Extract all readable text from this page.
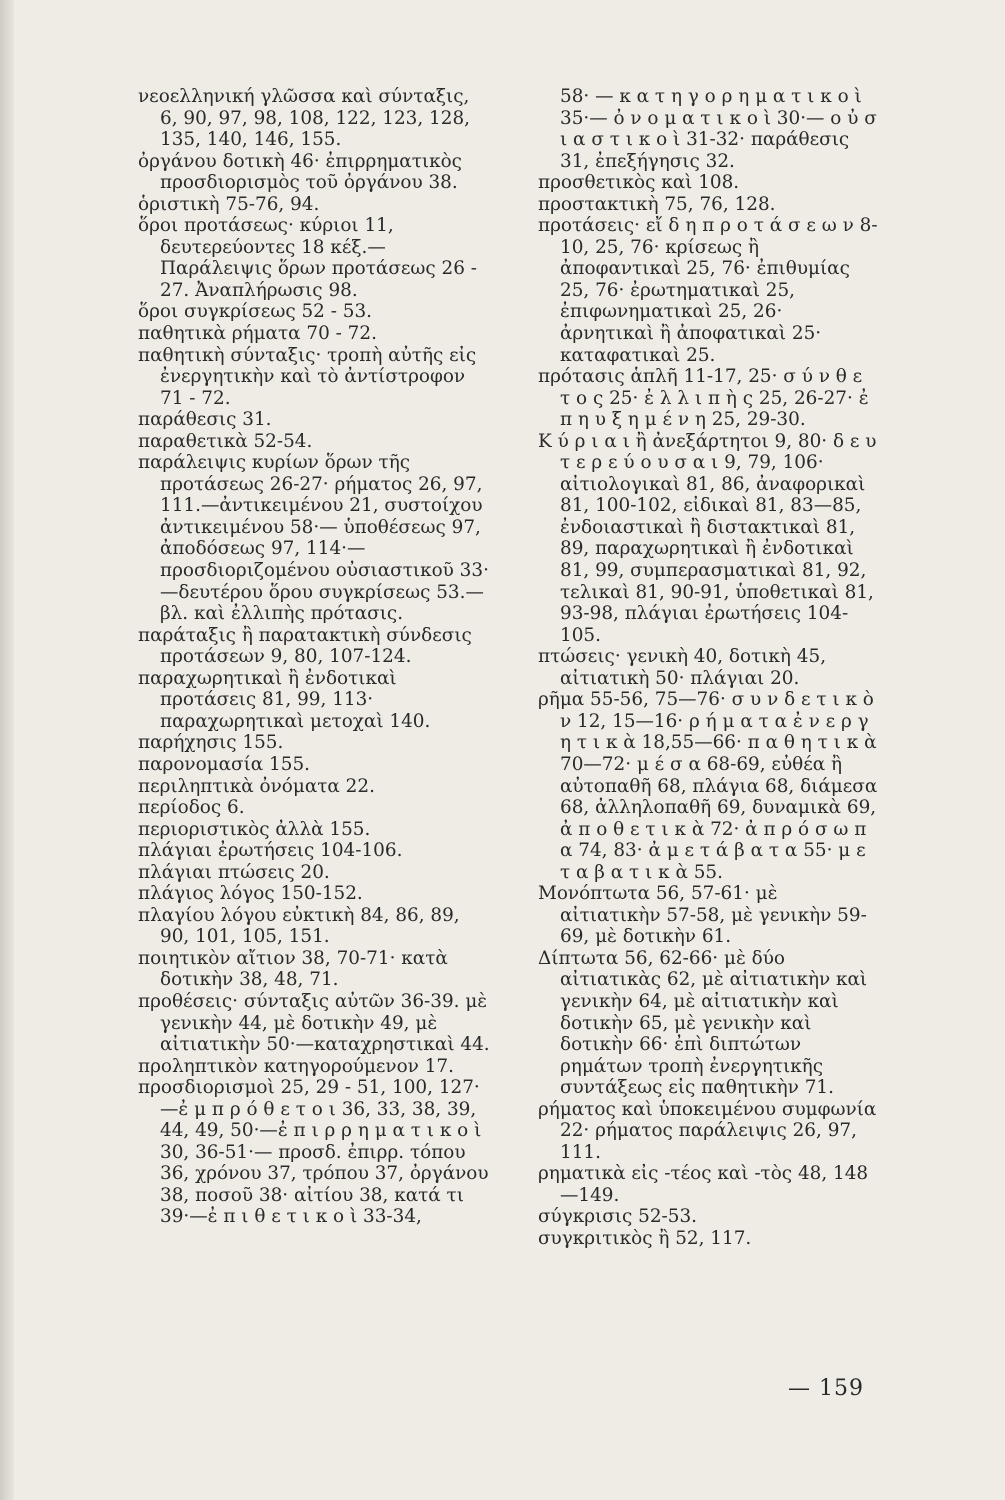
νεοελληνική γλῶσσα καὶ σύνταξις, 6, 90, 97, 98, 108, 122, 123, 128, 135, 140, 146, 155.

ὀργάνου δοτικὴ 46· ἐπιρρηματικὸς προσδιορισμὸς τοῦ ὀργάνου 38.

ὁριστικὴ 75-76, 94.

ὅροι προτάσεως· κύριοι 11, δευτερεύοντες 18 κέξ.— Παράλειψις ὅρων προτάσεως 26 - 27. Ἀναπλήρωσις 98.

ὅροι συγκρίσεως 52 - 53.

παθητικὰ ρήματα 70 - 72.

παθητικὴ σύνταξις· τροπὴ αὐτῆς εἰς ἐνεργητικὴν καὶ τὸ ἀντίστροφον 71 - 72.

παράθεσις 31.

παραθετικὰ 52-54.

παράλειψις κυρίων ὅρων τῆς προτάσεως 26-27· ρήματος 26, 97, 111.—ἀντικειμένου 21, συστοίχου ἀντικειμένου 58·— ὑποθέσεως 97, ἀποδόσεως 97, 114·— προσδιοριζομένου οὐσιαστικοῦ 33·—δευτέρου ὅρου συγκρίσεως 53.—βλ. καὶ ἐλλιπὴς πρότασις.

παράταξις ἢ παρατακτικὴ σύνδεσις προτάσεων 9, 80, 107-124.

παραχωρητικαὶ ἢ ἐνδοτικαὶ προτάσεις 81, 99, 113· παραχωρητικαὶ μετοχαὶ 140.

παρήχησις 155.

παρονομασία 155.

περιληπτικὰ ὀνόματα 22.

περίοδος 6.

περιοριστικὸς ἀλλὰ 155.

πλάγιαι ἐρωτήσεις 104-106.

πλάγιαι πτώσεις 20.

πλάγιος λόγος 150-152.

πλαγίου λόγου εὐκτικὴ 84, 86, 89, 90, 101, 105, 151.

ποιητικὸν αἴτιον 38, 70-71· κατὰ δοτικὴν 38, 48, 71.

προθέσεις· σύνταξις αὐτῶν 36-39. μὲ γενικὴν 44, μὲ δοτικὴν 49, μὲ αἰτιατικὴν 50·—καταχρηστικαὶ 44.

προληπτικὸν κατηγορούμενον 17.

προσδιορισμοὶ 25, 29 - 51, 100, 127·—ἐ μ π ρ ό θ ε τ ο ι 36, 33, 38, 39, 44, 49, 50·—ἐ π ι ρ ρ η μ α τ ι κ ο ὶ 30, 36-51·— προσδ. ἐπιρρ. τόπου 36, χρόνου 37, τρόπου 37, ὀργάνου 38, ποσοῦ 38· αἰτίου 38, κατά τι 39·—ἐ π ι θ ε τ ι κ ο ὶ 33-34,

58· — κ α τ η γ ο ρ η μ α τ ι κ ο ὶ 35·— ὀ ν ο μ α τ ι κ ο ὶ 30·— ο ὐ σ ι α σ τ ι κ ο ὶ 31-32· παράθεσις 31, ἐπεξήγησις 32.

προσθετικὸς καὶ 108.

προστακτικὴ 75, 76, 128.

προτάσεις· εἴ δ η π ρ ο τ ά σ ε ω ν 8-10, 25, 76· κρίσεως ἢ ἀποφαντικαὶ 25, 76· ἐπιθυμίας 25, 76· ἐρωτηματικαὶ 25, ἐπιφωνηματικαὶ 25, 26· ἀρνητικαὶ ἢ ἀποφατικαὶ 25· καταφατικαὶ 25.

πρότασις ἁπλῆ 11-17, 25· σ ύ ν θ ε τ ο ς 25· ἐ λ λ ι π ὴ ς 25, 26-27· ἐ π η υ ξ η μ έ ν η 25, 29-30.

Κ ύ ρ ι α ι ἢ ἀνεξάρτητοι 9, 80· δ ε υ τ ε ρ ε ύ ο υ σ α ι 9, 79, 106· αἰτιολογικαὶ 81, 86, ἀναφορικαὶ 81, 100-102, εἰδικαὶ 81, 83—85, ἐνδοιαστικαὶ ἢ διστακτικαὶ 81, 89, παραχωρητικαὶ ἢ ἐνδοτικαὶ 81, 99, συμπερασματικαὶ 81, 92, τελικαὶ 81, 90-91, ὑποθετικαὶ 81, 93-98, πλάγιαι ἐρωτήσεις 104-105.

πτώσεις· γενικὴ 40, δοτικὴ 45, αἰτιατικὴ 50· πλάγιαι 20.

ρῆμα 55-56, 75—76· σ υ ν δ ε τ ι κ ὸ ν 12, 15—16· ρ ή μ α τ α ἐ ν ε ρ γ η τ ι κ ὰ 18,55—66· π α θ η τ ι κ ὰ 70—72· μ έ σ α 68-69, εὐθέα ἢ αὐτοπαθῆ 68, πλάγια 68, διάμεσα 68, ἀλληλοπαθῆ 69, δυναμικὰ 69, ἀ π ο θ ε τ ι κ ὰ 72· ἀ π ρ ό σ ω π α 74, 83· ἀ μ ε τ ά β α τ α 55· μ ε τ α β α τ ι κ ὰ 55.

Μονόπτωτα 56, 57-61· μὲ αἰτιατικὴν 57-58, μὲ γενικὴν 59-69, μὲ δοτικὴν 61.

Δίπτωτα 56, 62-66· μὲ δύο αἰτιατικὰς 62, μὲ αἰτιατικὴν καὶ γενικὴν 64, μὲ αἰτιατικὴν καὶ δοτικὴν 65, μὲ γενικὴν καὶ δοτικὴν 66· ἐπὶ διπτώτων ρημάτων τροπὴ ἐνεργητικῆς συντάξεως εἰς παθητικὴν 71.

ρήματος καὶ ὑποκειμένου συμφωνία 22· ρήματος παράλειψις 26, 97, 111.

ρηματικὰ εἰς -τέος καὶ -τὸς 48, 148—149.

σύγκρισις 52-53.

συγκριτικὸς ἢ 52, 117.

— 159
